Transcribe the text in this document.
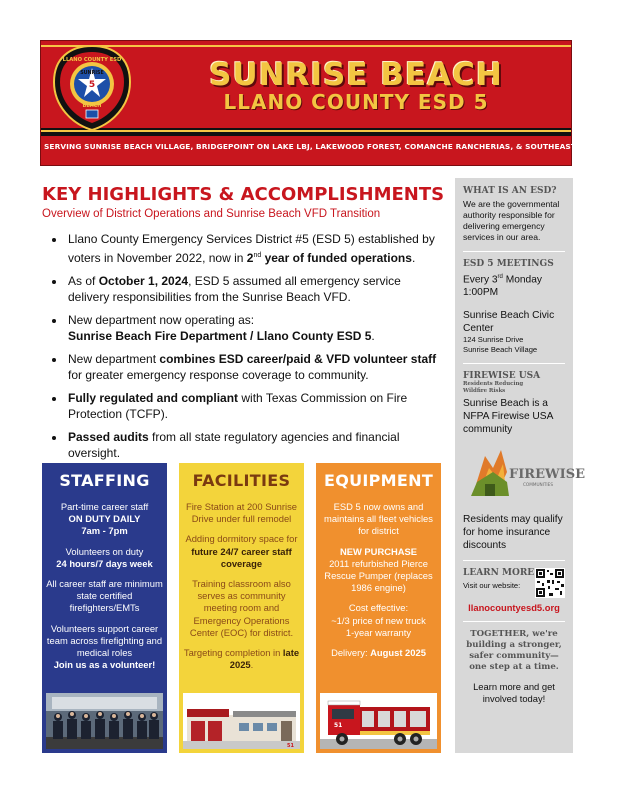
LLANO COUNTY ESD
SUNRISE
5
BEACH
SUNRISE BEACH
LLANO COUNTY ESD 5
SERVING SUNRISE BEACH VILLAGE, BRIDGEPOINT ON LAKE LBJ, LAKEWOOD FOREST, COMANCHE RANCHERIAS, & SOUTHEAST LLANO COUNTY
KEY HIGHLIGHTS & ACCOMPLISHMENTS
Overview of District Operations and Sunrise Beach VFD Transition
Llano County Emergency Services District #5 (ESD 5) established by voters in November 2022, now in 2nd year of funded operations.
As of October 1, 2024, ESD 5 assumed all emergency service delivery responsibilities from the Sunrise Beach VFD.
New department now operating as:
Sunrise Beach Fire Department / Llano County ESD 5.
New department combines ESD career/paid & VFD volunteer staff for greater emergency response coverage to community.
Fully regulated and compliant with Texas Commission on Fire Protection (TCFP).
Passed audits from all state regulatory agencies and financial oversight.
STAFFING

Part-time career staff
ON DUTY DAILY
7am - 7pm

Volunteers on duty
24 hours/7 days week

All career staff are minimum state certified firefighters/EMTs

Volunteers support career team across firefighting and medical roles
Join us as a volunteer!

FACILITIES

Fire Station at 200 Sunrise Drive under full remodel

Adding dormitory space for future 24/7 career staff coverage

Training classroom also serves as community meeting room and Emergency Operations Center (EOC) for district.

Targeting completion in late 2025.

51
EQUIPMENT

ESD 5 now owns and maintains all fleet vehicles for district

NEW PURCHASE
2011 refurbished Pierce Rescue Pumper (replaces 1986 engine)

Cost effective:
~1/3 price of new truck
1-year warranty

Delivery: August 2025

51
WHAT IS AN ESD?
We are the governmental authority responsible for delivering emergency services in our area.
ESD 5 MEETINGS
Every 3rd Monday
1:00PM
Sunrise Beach Civic Center
124 Sunrise Drive
Sunrise Beach Village
FIREWISE USA
Residents Reducing
Wildfire Risks
Sunrise Beach is a NFPA Firewise USA community
FIREWISE
COMMUNITIES
Residents may qualify for home insurance discounts
LEARN MORE
Visit our website:
llanocountyesd5.org
TOGETHER, we're building a stronger, safer community— one step at a time.
Learn more and get involved today!
